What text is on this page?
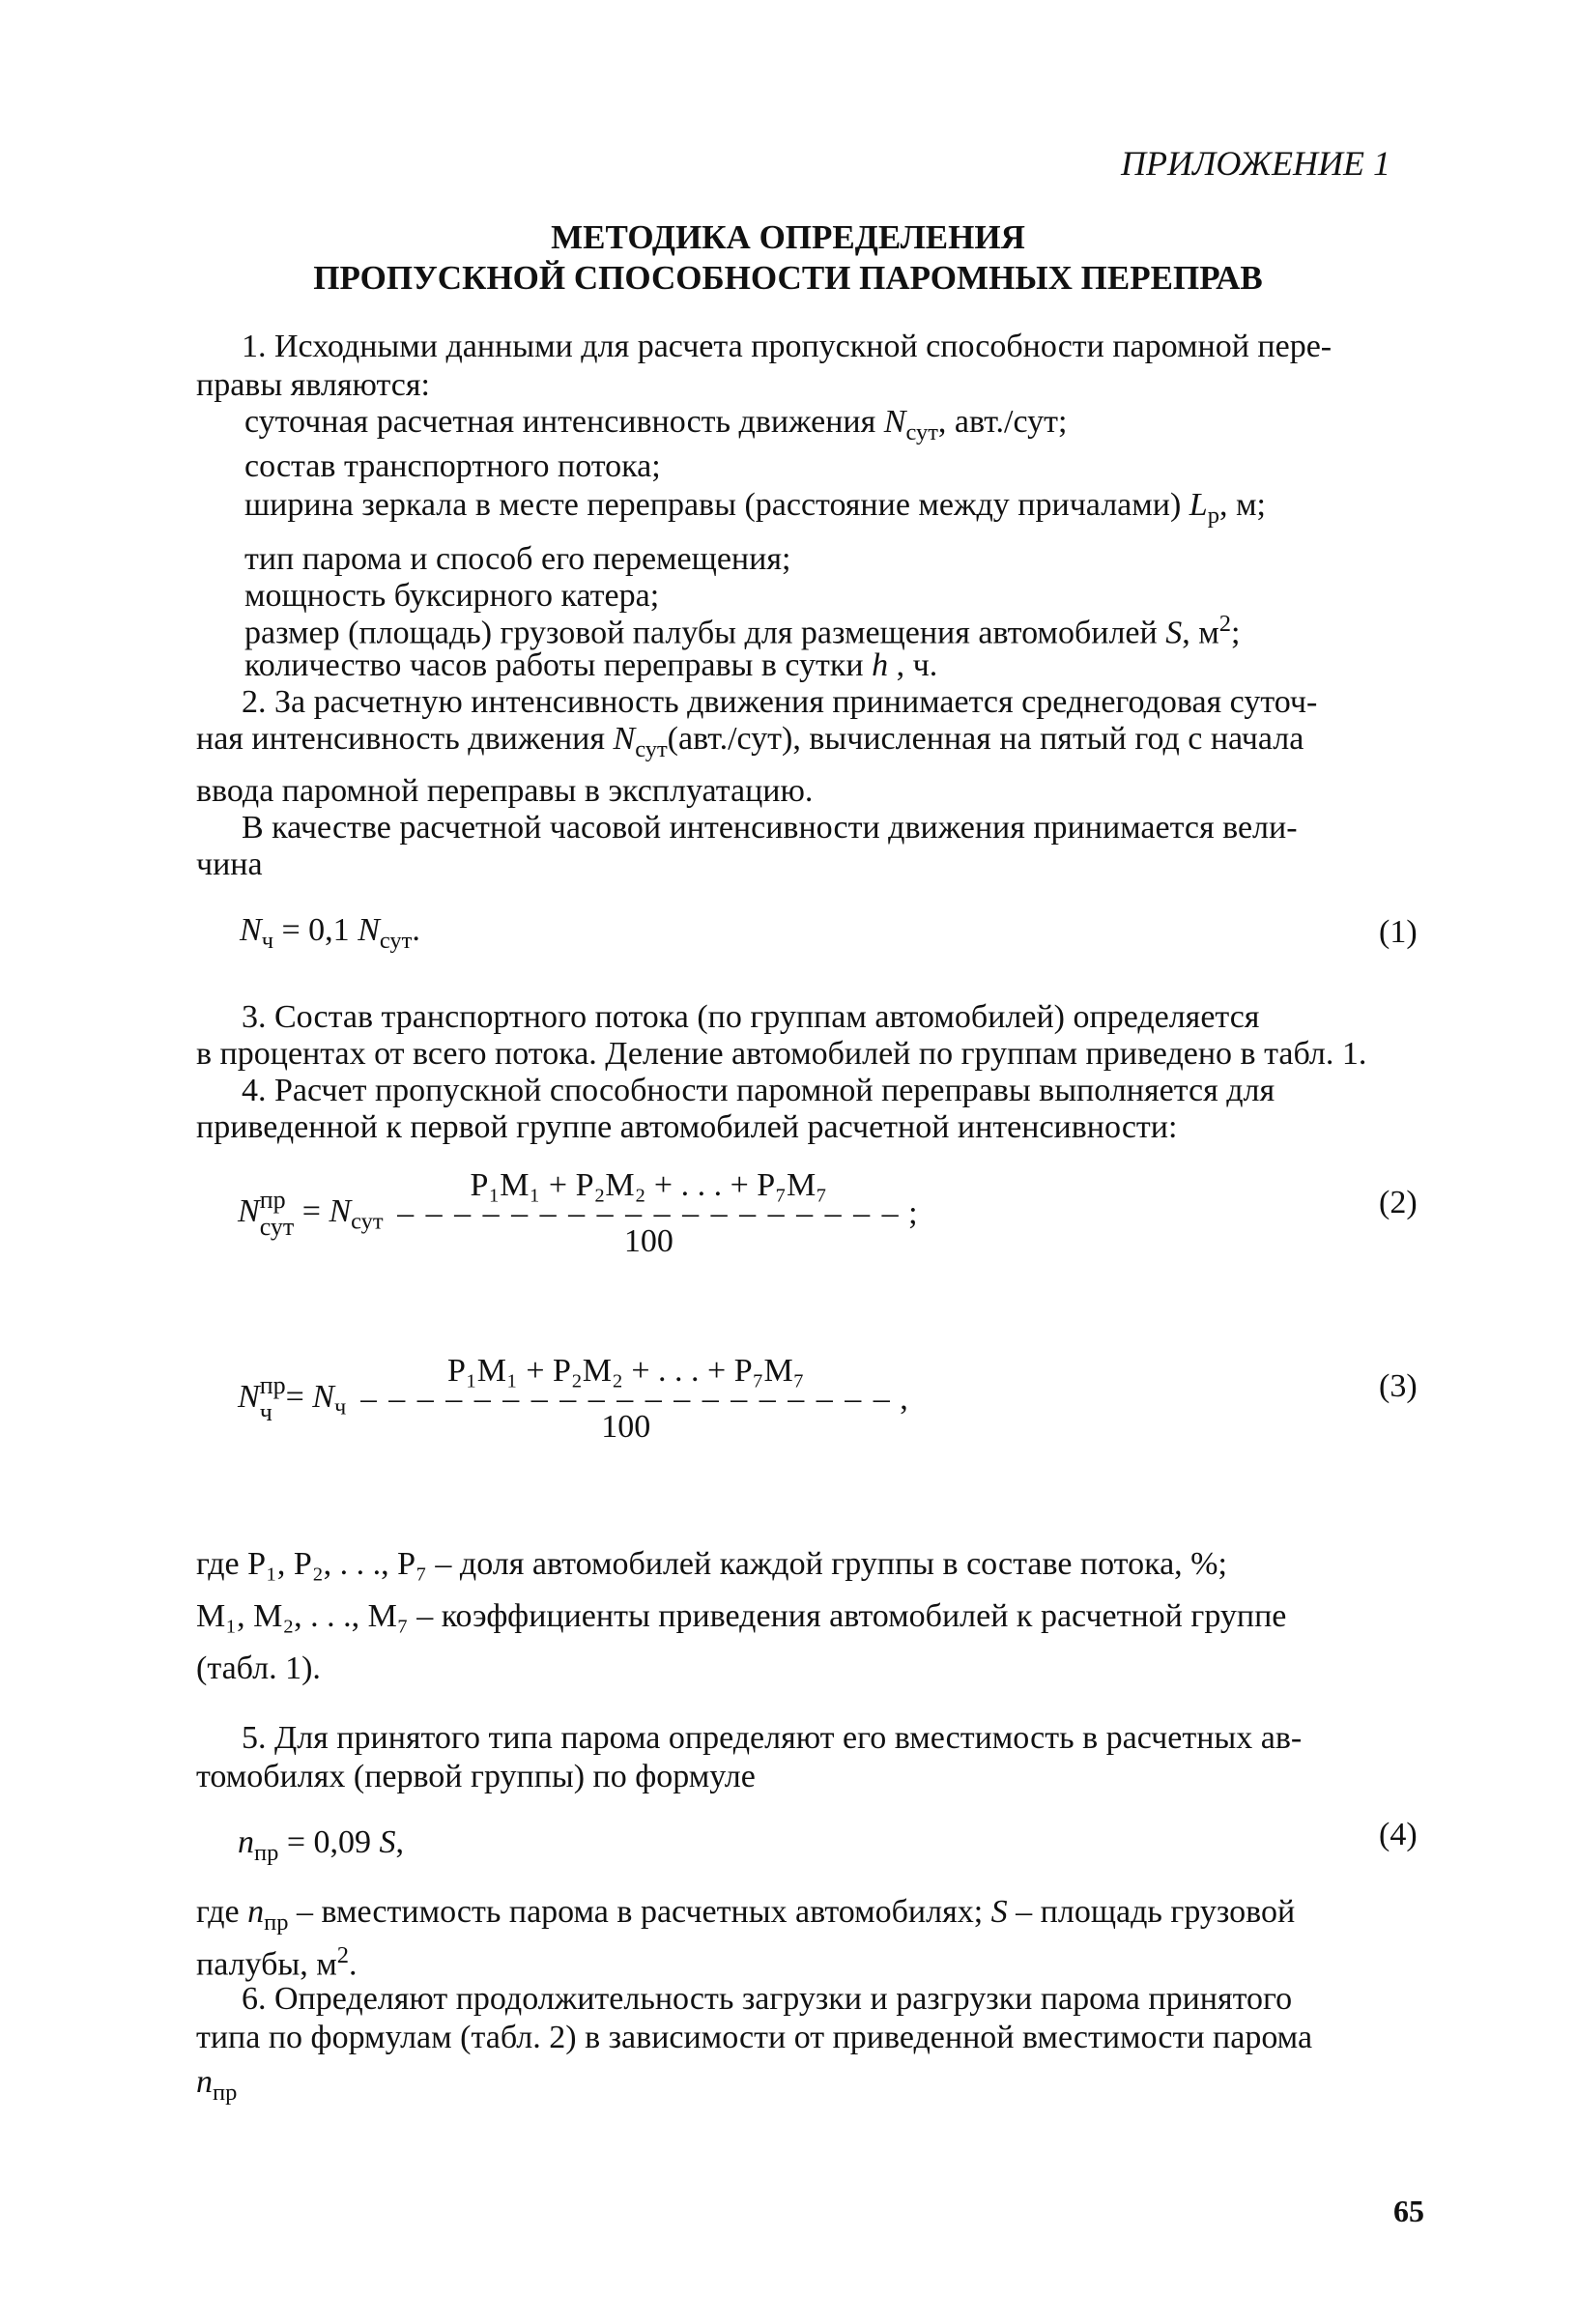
ПРИЛОЖЕНИЕ 1
МЕТОДИКА ОПРЕДЕЛЕНИЯ
ПРОПУСКНОЙ СПОСОБНОСТИ ПАРОМНЫХ ПЕРЕПРАВ
1. Исходными данными для расчета пропускной способности паромной пере-
правы являются:
суточная расчетная интенсивность движения $N_{сут}$, авт./сут;
состав транспортного потока;
ширина зеркала в месте переправы (расстояние между причалами) $L_р$, м;
тип парома и способ его перемещения;
мощность буксирного катера;
размер (площадь) грузовой палубы для размещения автомобилей S, $м^2$;
количество часов работы переправы в сутки h , ч.
2. За расчетную интенсивность движения принимается среднегодовая суточ-
ная интенсивность движения $N_{сут}(авт./сут)$, вычисленная на пятый год с начала
ввода паромной переправы в эксплуатацию.
В качестве расчетной часовой интенсивности движения принимается вели-
чина
$N_ч = 0,1$ $N_{сут}$.	(1)
3. Состав транспортного потока (по группам автомобилей) определяется
в процентах от всего потока. Деление автомобилей по группам приведено в табл. 1.
4. Расчет пропускной способности паромной переправы выполняется для
приведенной к первой группе автомобилей расчетной интенсивности:
N пр
сут = $N_{сут}$
P₁M₁ + P₂M₂ + . . . + P₇M₇
– – – – – – – – – – – – – – – – – –
100
;	(2)
N пр
$ч = N_ч$
P₁M₁ + P₂M₂ + . . . + P₇M₇
– – – – – – – – – – – – – – – – – – –
100
,	(3)
где P₁, P₂, . . ., P₇ – доля автомобилей каждой группы в составе потока, %;
M₁, M₂, . . ., M₇ – коэффициенты приведения автомобилей к расчетной группе
(табл. 1).
5. Для принятого типа парома определяют его вместимость в расчетных ав-
томобилях (первой группы) по формуле
$n_{пр} = 0,09$ S,	(4)
где $n_{пр}$ – вместимость парома в расчетных автомобилях; S – площадь грузовой
палубы, $м^2$.
6. Определяют продолжительность загрузки и разгрузки парома принятого
типа по формулам (табл. 2) в зависимости от приведенной вместимости парома
$n_{пр}$
65
